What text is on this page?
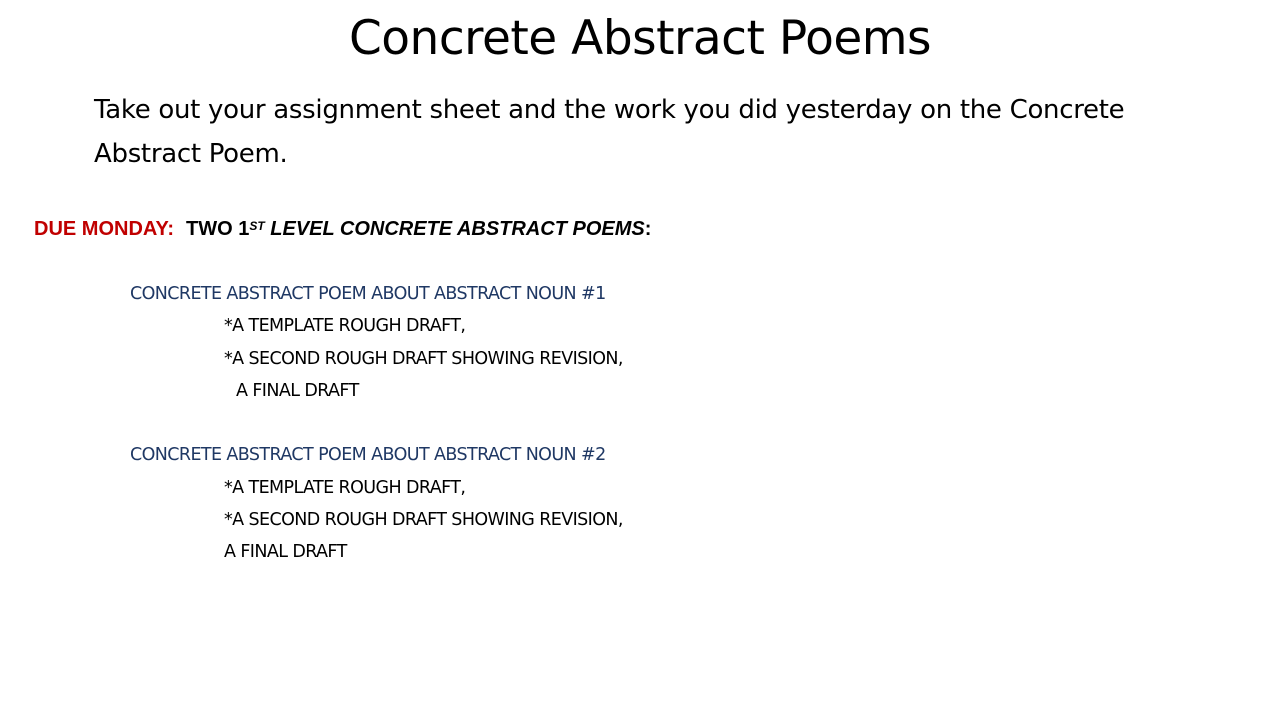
Concrete Abstract Poems

Take out your assignment sheet and the work you did yesterday on the Concrete Abstract Poem.

DUE MONDAY: TWO 1ST LEVEL CONCRETE ABSTRACT POEMS:

CONCRETE ABSTRACT POEM ABOUT ABSTRACT NOUN #1
*A TEMPLATE ROUGH DRAFT,
*A SECOND ROUGH DRAFT SHOWING REVISION,
A FINAL DRAFT
CONCRETE ABSTRACT POEM ABOUT ABSTRACT NOUN #2
*A TEMPLATE ROUGH DRAFT,
*A SECOND ROUGH DRAFT SHOWING REVISION,
A FINAL DRAFT
